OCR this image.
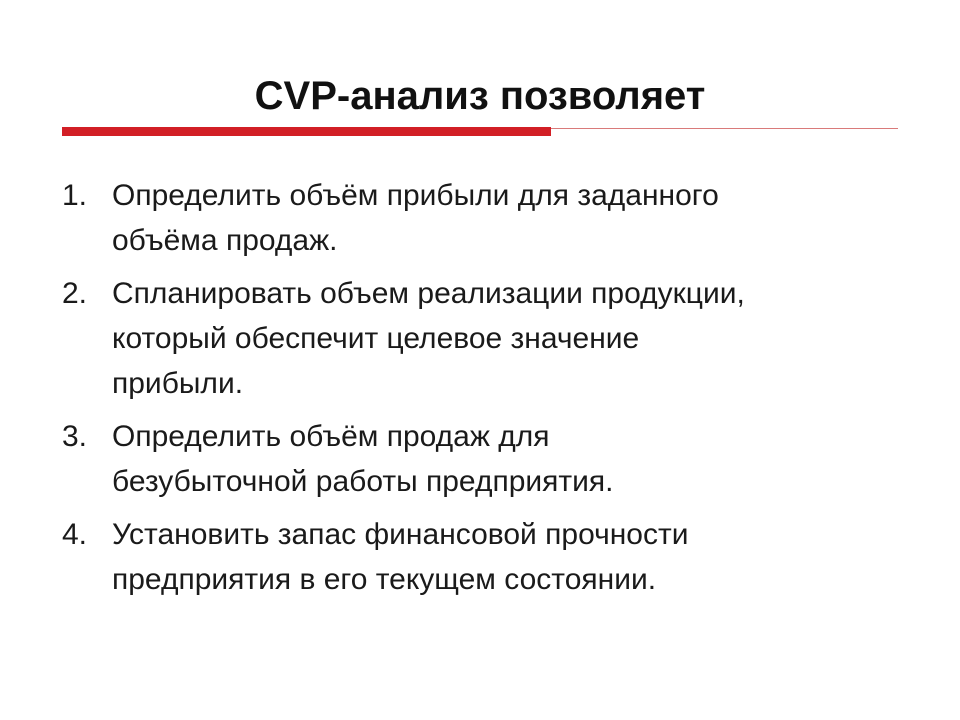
CVP-анализ позволяет
1. Определить объём прибыли для заданного
объёма продаж.
2. Спланировать объем реализации продукции,
который обеспечит целевое значение
прибыли.
3. Определить объём продаж для
безубыточной работы предприятия.
4. Установить запас финансовой прочности
предприятия в его текущем состоянии.
